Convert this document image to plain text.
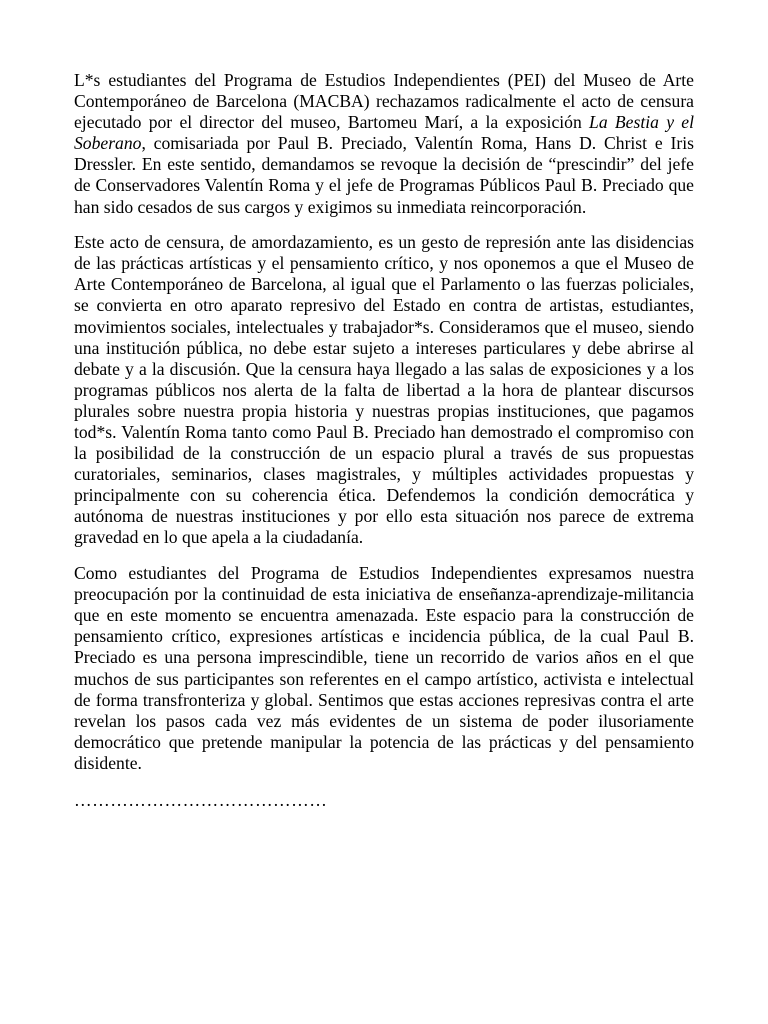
L*s estudiantes del Programa de Estudios Independientes (PEI) del Museo de Arte Contemporáneo de Barcelona (MACBA) rechazamos radicalmente el acto de censura ejecutado por el director del museo, Bartomeu Marí, a la exposición La Bestia y el Soberano, comisariada por Paul B. Preciado, Valentín Roma, Hans D. Christ e Iris Dressler. En este sentido, demandamos se revoque la decisión de “prescindir” del jefe de Conservadores Valentín Roma y el jefe de Programas Públicos Paul B. Preciado que han sido cesados de sus cargos y exigimos su inmediata reincorporación.

Este acto de censura, de amordazamiento, es un gesto de represión ante las disidencias de las prácticas artísticas y el pensamiento crítico, y nos oponemos a que el Museo de Arte Contemporáneo de Barcelona, al igual que el Parlamento o las fuerzas policiales, se convierta en otro aparato represivo del Estado en contra de artistas, estudiantes, movimientos sociales, intelectuales y trabajador*s. Consideramos que el museo, siendo una institución pública, no debe estar sujeto a intereses particulares y debe abrirse al debate y a la discusión. Que la censura haya llegado a las salas de exposiciones y a los programas públicos nos alerta de la falta de libertad a la hora de plantear discursos plurales sobre nuestra propia historia y nuestras propias instituciones, que pagamos tod*s. Valentín Roma tanto como Paul B. Preciado han demostrado el compromiso con la posibilidad de la construcción de un espacio plural a través de sus propuestas curatoriales, seminarios, clases magistrales, y múltiples actividades propuestas y principalmente con su coherencia ética. Defendemos la condición democrática y autónoma de nuestras instituciones y por ello esta situación nos parece de extrema gravedad en lo que apela a la ciudadanía.

Como estudiantes del Programa de Estudios Independientes expresamos nuestra preocupación por la continuidad de esta iniciativa de enseñanza-aprendizaje-militancia que en este momento se encuentra amenazada. Este espacio para la construcción de pensamiento crítico, expresiones artísticas e incidencia pública, de la cual Paul B. Preciado es una persona imprescindible, tiene un recorrido de varios años en el que muchos de sus participantes son referentes en el campo artístico, activista e intelectual de forma transfronteriza y global. Sentimos que estas acciones represivas contra el arte revelan los pasos cada vez más evidentes de un sistema de poder ilusoriamente democrático que pretende manipular la potencia de las prácticas y del pensamiento disidente.

……………………………………
